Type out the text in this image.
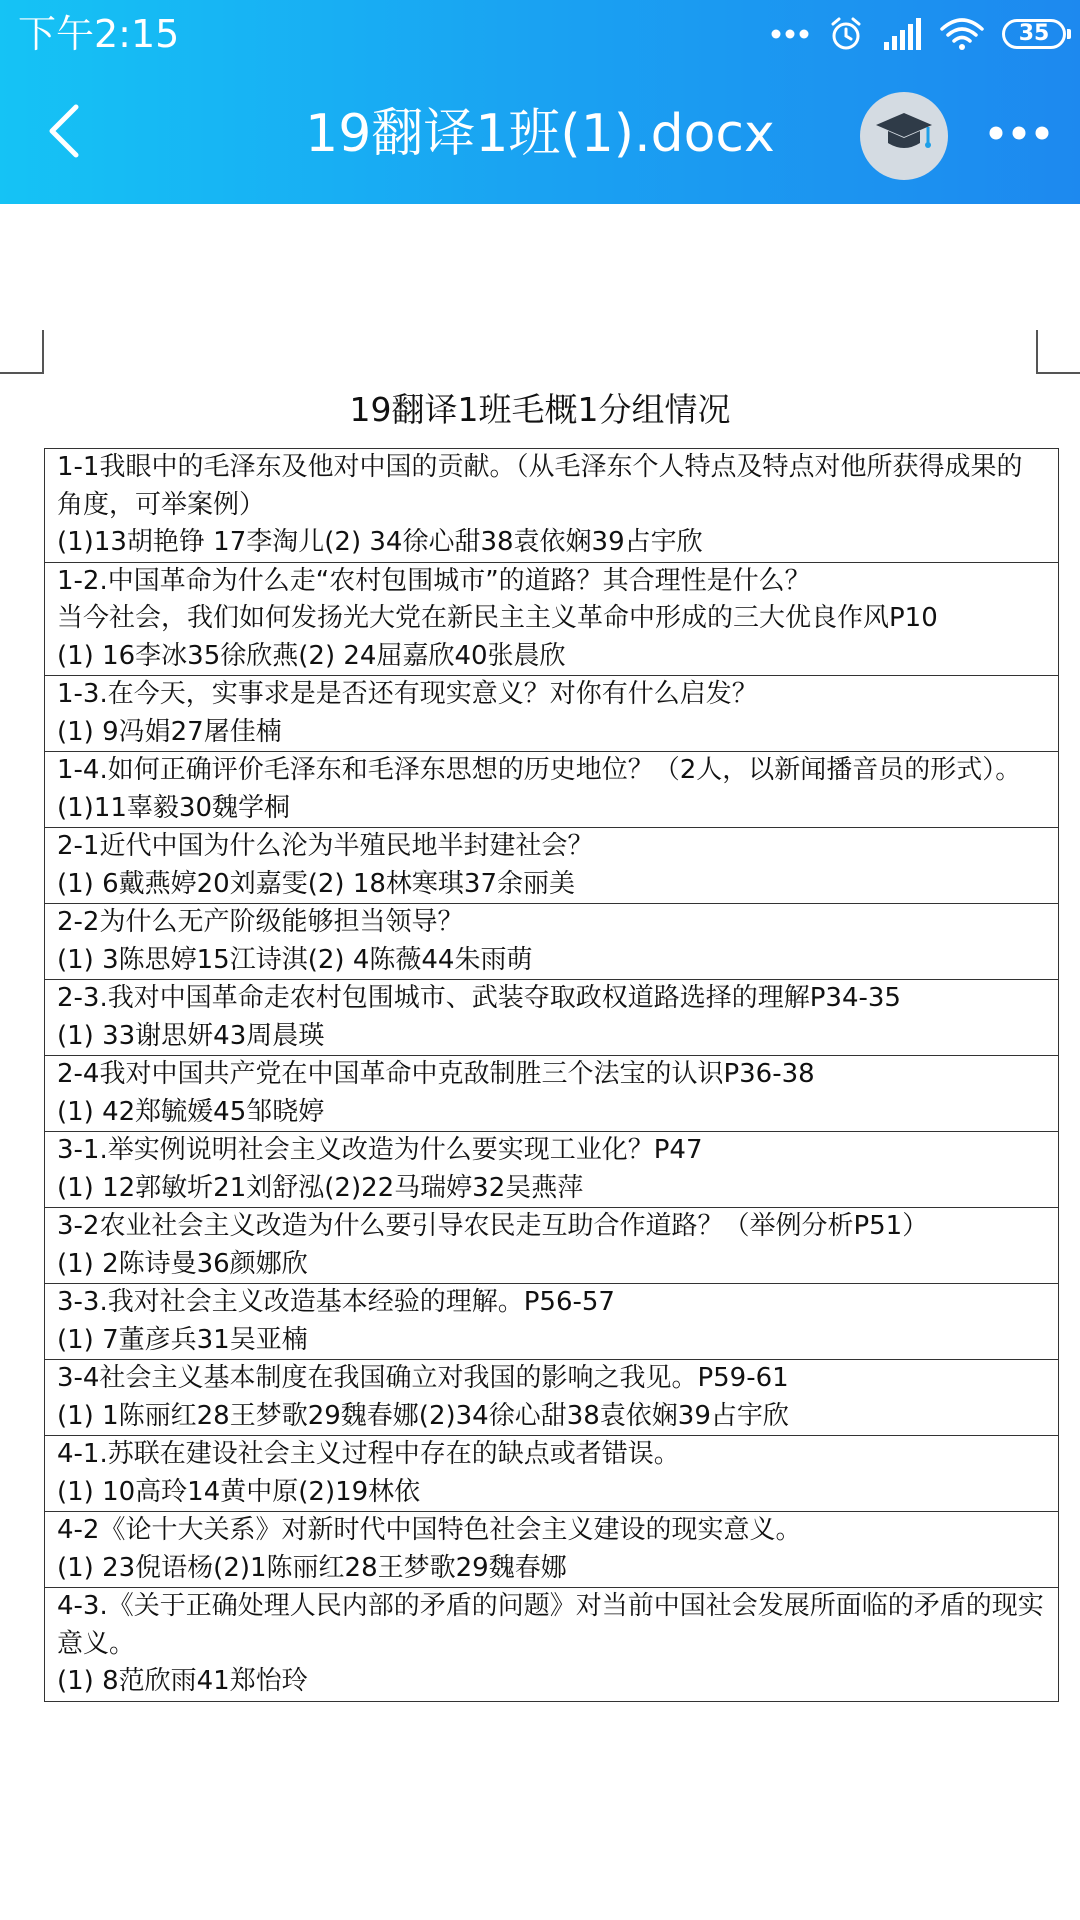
下午2:15	35
19翻译1班(1).docx
19翻译1班毛概1分组情况
1-1我眼中的毛泽东及他对中国的贡献。（从毛泽东个人特点及特点对他所获得成果的角度，可举案例）
(1)13胡艳铮 17李淘儿(2) 34徐心甜38袁依娴39占宇欣

1-2.中国革命为什么走“农村包围城市”的道路？其合理性是什么？
当今社会，我们如何发扬光大党在新民主主义革命中形成的三大优良作风P10
(1) 16李冰35徐欣燕(2) 24屈嘉欣40张晨欣

1-3.在今天，实事求是是否还有现实意义？对你有什么启发？
(1) 9冯娟27屠佳楠

1-4.如何正确评价毛泽东和毛泽东思想的历史地位？（2人，以新闻播音员的形式）。
(1)11辜毅30魏学桐

2-1近代中国为什么沦为半殖民地半封建社会？
(1) 6戴燕婷20刘嘉雯(2) 18林寒琪37余丽美

2-2为什么无产阶级能够担当领导？
(1) 3陈思婷15江诗淇(2) 4陈薇44朱雨萌

2-3.我对中国革命走农村包围城市、武装夺取政权道路选择的理解P34-35
(1) 33谢思妍43周晨瑛

2-4我对中国共产党在中国革命中克敌制胜三个法宝的认识P36-38
(1) 42郑毓媛45邹晓婷

3-1.举实例说明社会主义改造为什么要实现工业化？P47
(1) 12郭敏圻21刘舒泓(2)22马瑞婷32吴燕萍

3-2农业社会主义改造为什么要引导农民走互助合作道路？（举例分析P51）
(1) 2陈诗曼36颜娜欣

3-3.我对社会主义改造基本经验的理解。P56-57
(1) 7董彦兵31吴亚楠

3-4社会主义基本制度在我国确立对我国的影响之我见。P59-61
(1) 1陈丽红28王梦歌29魏春娜(2)34徐心甜38袁依娴39占宇欣

4-1.苏联在建设社会主义过程中存在的缺点或者错误。
(1) 10高玲14黄中原(2)19林依

4-2《论十大关系》对新时代中国特色社会主义建设的现实意义。
(1) 23倪语杨(2)1陈丽红28王梦歌29魏春娜

4-3.《关于正确处理人民内部的矛盾的问题》对当前中国社会发展所面临的矛盾的现实意义。
(1) 8范欣雨41郑怡玲
